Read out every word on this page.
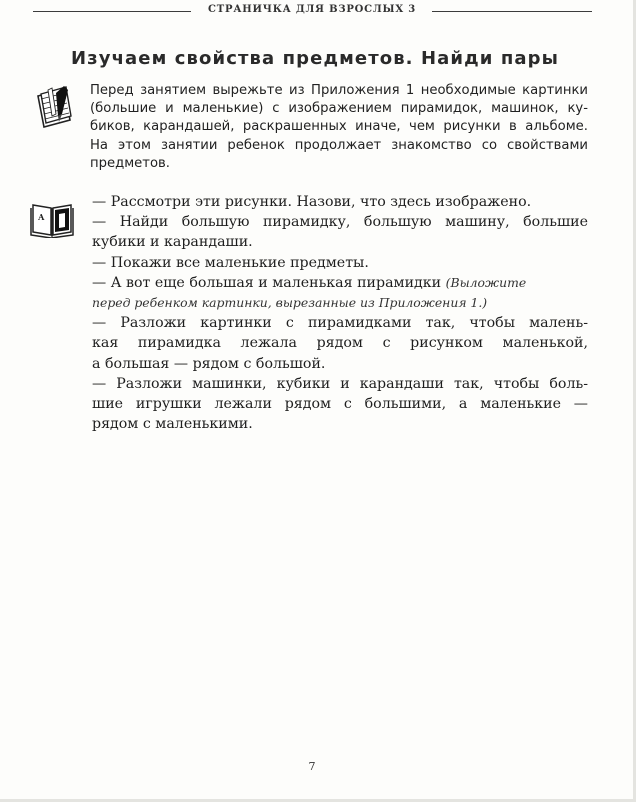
СТРАНИЧКА ДЛЯ ВЗРОСЛЫХ 3
Изучаем свойства предметов. Найди пары
Перед занятием вырежьте из Приложения 1 необходимые картинки
(большие и маленькие) с изображением пирамидок, машинок, ку-
биков, карандашей, раскрашенных иначе, чем рисунки в альбоме.
На этом занятии ребенок продолжает знакомство со свойствами
предметов.
А
— Рассмотри эти рисунки. Назови, что здесь изображено.
— Найди большую пирамидку, большую машину, большие
кубики и карандаши.
— Покажи все маленькие предметы.
— А вот еще большая и маленькая пирамидки (Выложите
перед ребенком картинки, вырезанные из Приложения 1.)
— Разложи картинки с пирамидками так, чтобы малень-
кая пирамидка лежала рядом с рисунком маленькой,
а большая — рядом с большой.
— Разложи машинки, кубики и карандаши так, чтобы боль-
шие игрушки лежали рядом с большими, а маленькие —
рядом с маленькими.
7
